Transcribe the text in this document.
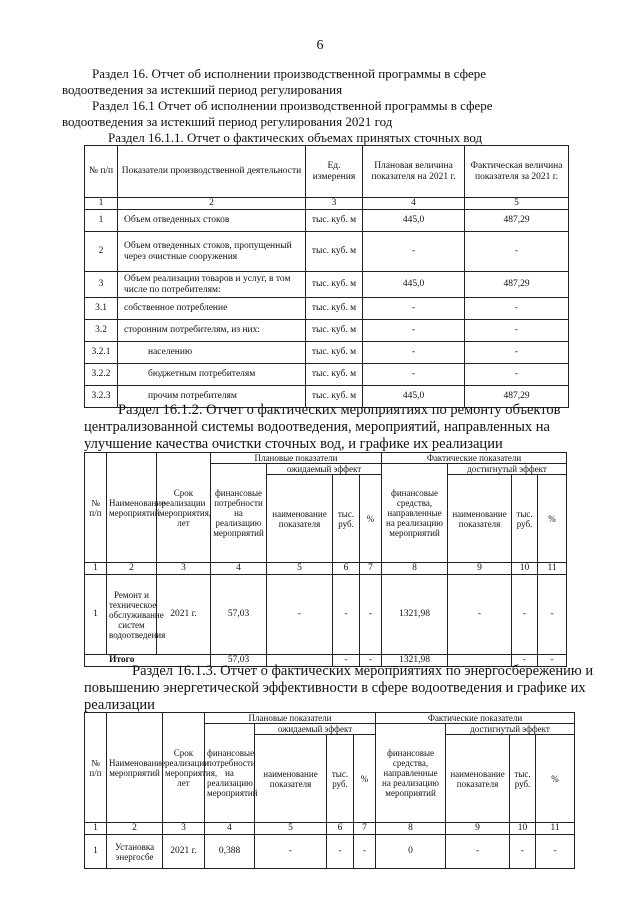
6
Раздел 16. Отчет об исполнении производственной программы в сфере
водоотведения за истекший период регулирования
Раздел 16.1 Отчет об исполнении производственной программы в сфере
водоотведения за истекший период регулирования 2021 год
Раздел 16.1.1. Отчет о фактических объемах принятых сточных вод
№ п/п	Показатели производственной деятельности	Ед. измерения	Плановая величина показателя на 2021 г.	Фактическая величина показателя за 2021 г.
1	2	3	4	5
1	Объем отведенных стоков	тыс. куб. м	445,0	487,29
2	Объем отведенных стоков, пропущенный через очистные сооружения	тыс. куб. м	-	-
3	Объем реализации товаров и услуг, в том числе по потребителям:	тыс. куб. м	445,0	487,29
3.1	собственное потребление	тыс. куб. м	-	-
3.2	сторонним потребителям, из них:	тыс. куб. м	-	-
3.2.1	населению	тыс. куб. м	-	-
3.2.2	бюджетным потребителям	тыс. куб. м	-	-
3.2.3	прочим потребителям	тыс. куб. м	445,0	487,29
Раздел 16.1.2. Отчет о фактических мероприятиях по ремонту объектов
централизованной системы водоотведения, мероприятий, направленных на
улучшение качества очистки сточных вод, и графике их реализации
№ п/п	Наименование мероприятий	Срок реализации мероприятия, лет	Плановые показатели				Фактические показатели			
			финансовые потребности на реализацию мероприятий	ожидаемый эффект			финансовые средства, направленные на реализацию мероприятий	достигнутый эффект		
				наименование показателя	тыс. руб.	%		наименование показателя	тыс. руб.	%
1	2	3	4	5	6	7	8	9	10	11
1	Ремонт и техническое обслуживание систем водоотведения	2021 г.	57,03	-	-	-	1321,98	-	-	-
Итого			57,03		-	-	1321,98		-	-
Раздел 16.1.3. Отчет о фактических мероприятиях по энергосбережению и
повышению энергетической эффективности в сфере водоотведения и графике их
реализации
№ п/п	Наименование мероприятий	Срок реализации мероприятия, лет	Плановые показатели				Фактические показатели			
			финансовые потребности на реализацию мероприятий	ожидаемый эффект			финансовые средства, направленные на реализацию мероприятий	достигнутый эффект		
				наименование показателя	тыс. руб.	%		наименование показателя	тыс. руб.	%
1	2	3	4	5	6	7	8	9	10	11
1	Установка энергосбе	2021 г.	0,388	-	-	-	0	-	-	-
